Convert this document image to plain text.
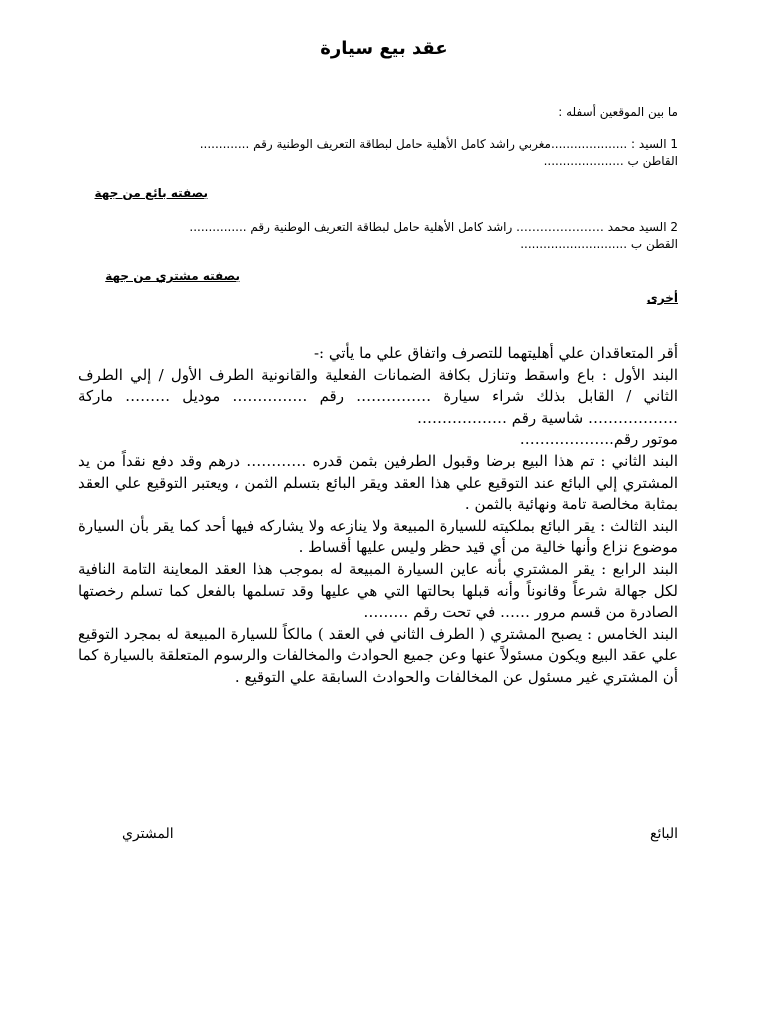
عقد بيع سيارة
ما بين الموقعين أسفله :
1 السيد : ....................مغربي راشد كامل الأهلية حامل لبطاقة التعريف الوطنية رقم .............
القاطن ب .....................
بصفته بائع من جهة
2 السيد محمد …………………. راشد كامل الأهلية حامل لبطاقة التعريف الوطنية رقم ...............
القطن ب ............................
بصفته مشتري من جهة
أخرى

أقر المتعاقدان علي أهليتهما للتصرف واتفاق علي ما يأتي :-

البند الأول : باع واسقط وتنازل بكافة الضمانات الفعلية والقانونية الطرف الأول / إلي الطرف الثاني / القابل بذلك شراء سيارة …………… رقم …………… موديل ……… ماركة ……………… شاسية رقم ………………

موتور رقم..………..……

البند الثاني : تم هذا البيع برضا وقبول الطرفين بثمن قدره ………… درهم وقد دفع نقداً من يد المشتري إلي البائع عند التوقيع علي هذا العقد ويقر البائع بتسلم الثمن ، ويعتبر التوقيع علي العقد بمثابة مخالصة تامة ونهائية بالثمن .

البند الثالث : يقر البائع بملكيته للسيارة المبيعة ولا ينازعه ولا يشاركه فيها أحد كما يقر بأن السيارة موضوع نزاع وأنها خالية من أي قيد حظر وليس عليها أقساط .

البند الرابع : يقر المشتري بأنه عاين السيارة المبيعة له بموجب هذا العقد المعاينة التامة النافية لكل جهالة شرعاً وقانوناً وأنه قبلها بحالتها التي هي عليها وقد تسلمها بالفعل كما تسلم رخصتها الصادرة من قسم مرور …… في تحت رقم ………

البند الخامس : يصبح المشتري ( الطرف الثاني في العقد ) مالكاً للسيارة المبيعة له بمجرد التوقيع علي عقد البيع ويكون مسئولاً عنها وعن جميع الحوادث والمخالفات والرسوم المتعلقة بالسيارة كما أن المشتري غير مسئول عن المخالفات والحوادث السابقة علي التوقيع .

البائع
المشتري
